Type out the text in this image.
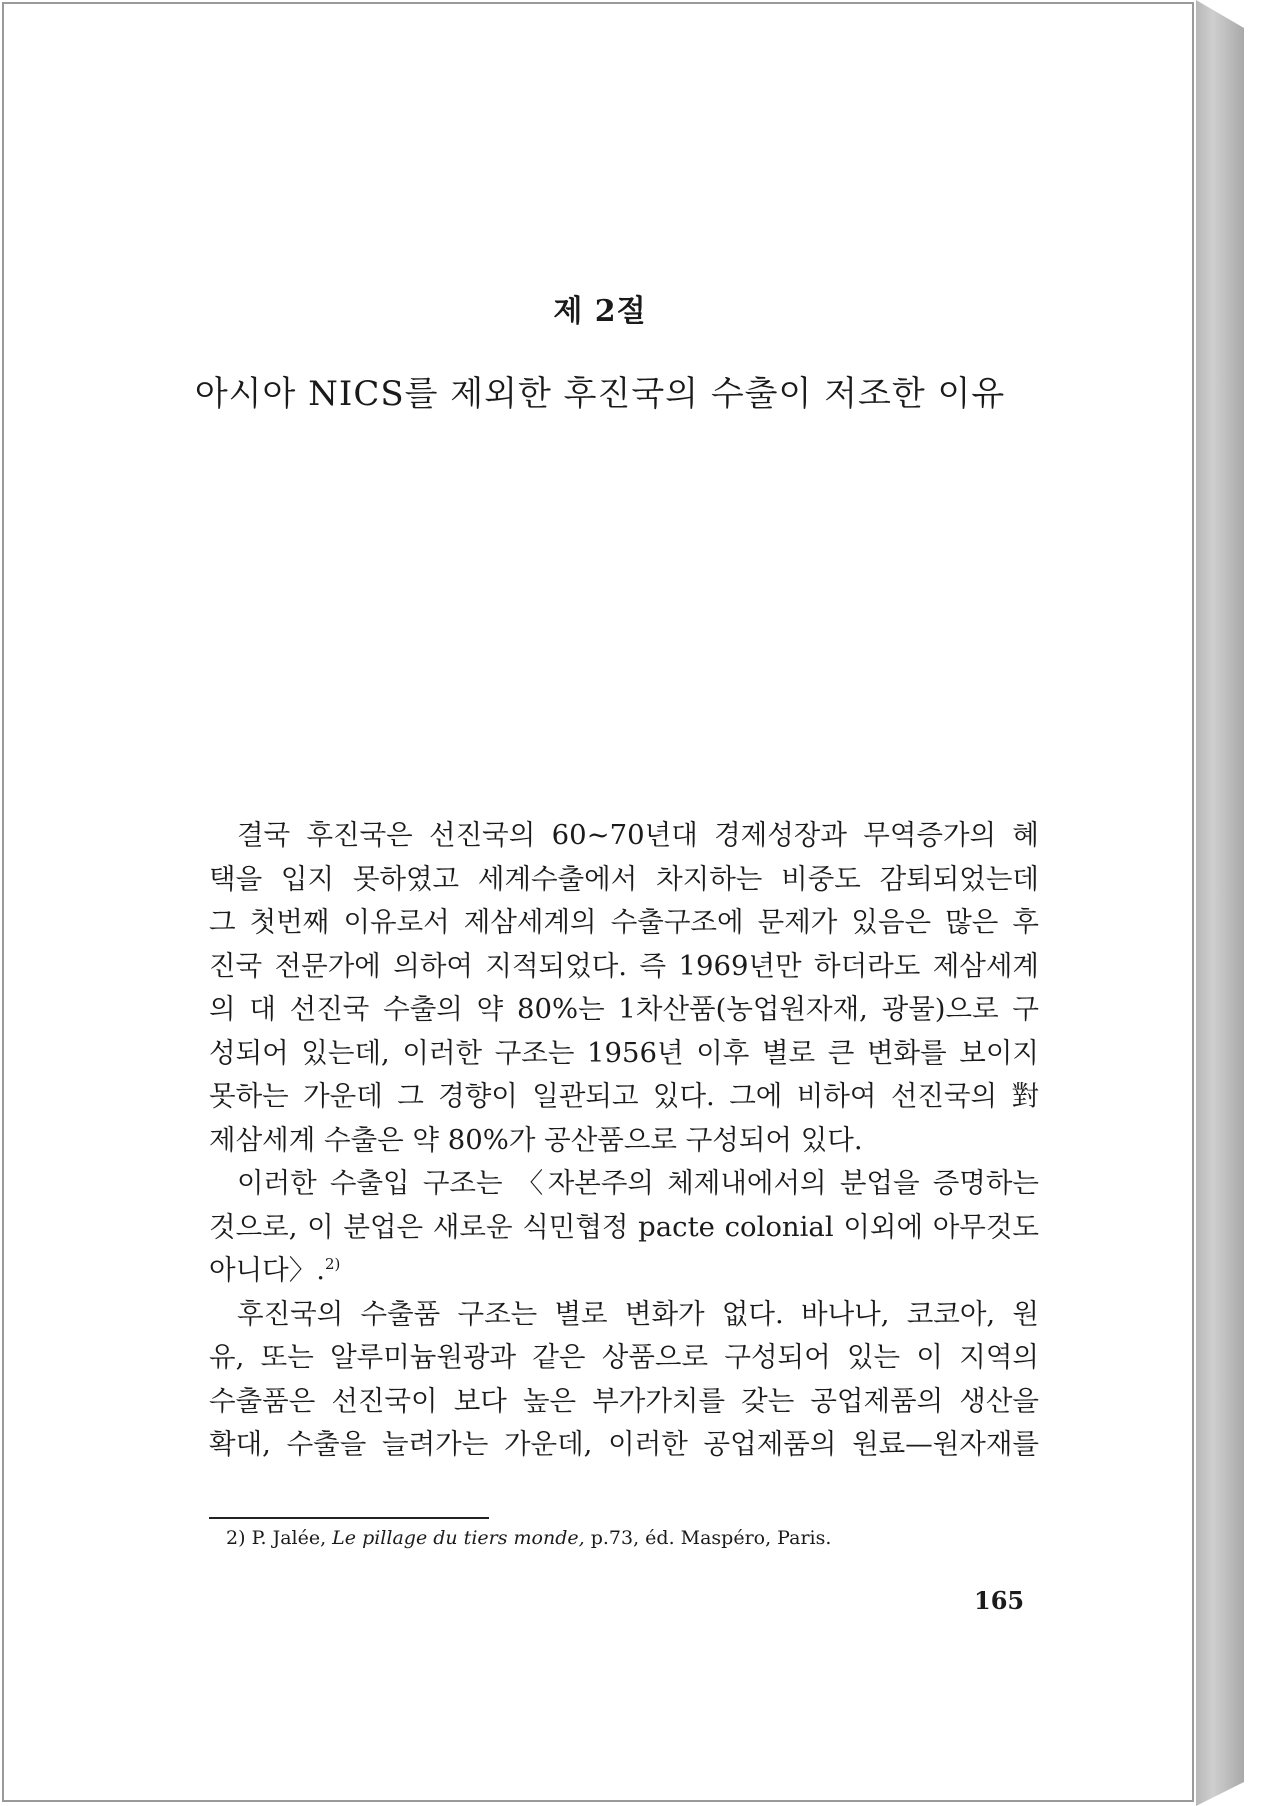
제 2절
아시아 NICS를 제외한 후진국의 수출이 저조한 이유
결국 후진국은 선진국의 60~70년대 경제성장과 무역증가의 혜
택을 입지 못하였고 세계수출에서 차지하는 비중도 감퇴되었는데
그 첫번째 이유로서 제삼세계의 수출구조에 문제가 있음은 많은 후
진국 전문가에 의하여 지적되었다. 즉 1969년만 하더라도 제삼세계
의 대 선진국 수출의 약 80%는 1차산품(농업원자재, 광물)으로 구
성되어 있는데, 이러한 구조는 1956년 이후 별로 큰 변화를 보이지
못하는 가운데 그 경향이 일관되고 있다. 그에 비하여 선진국의 對
제삼세계 수출은 약 80%가 공산품으로 구성되어 있다.
이러한 수출입 구조는 〈자본주의 체제내에서의 분업을 증명하는
것으로, 이 분업은 새로운 식민협정 pacte colonial 이외에 아무것도
아니다〉.$^{2)}$
후진국의 수출품 구조는 별로 변화가 없다. 바나나, 코코아, 원
유, 또는 알루미늄원광과 같은 상품으로 구성되어 있는 이 지역의
수출품은 선진국이 보다 높은 부가가치를 갖는 공업제품의 생산을
확대, 수출을 늘려가는 가운데, 이러한 공업제품의 원료—원자재를
2) P. Jalée, Le pillage du tiers monde, p.73, éd. Maspéro, Paris.
165
